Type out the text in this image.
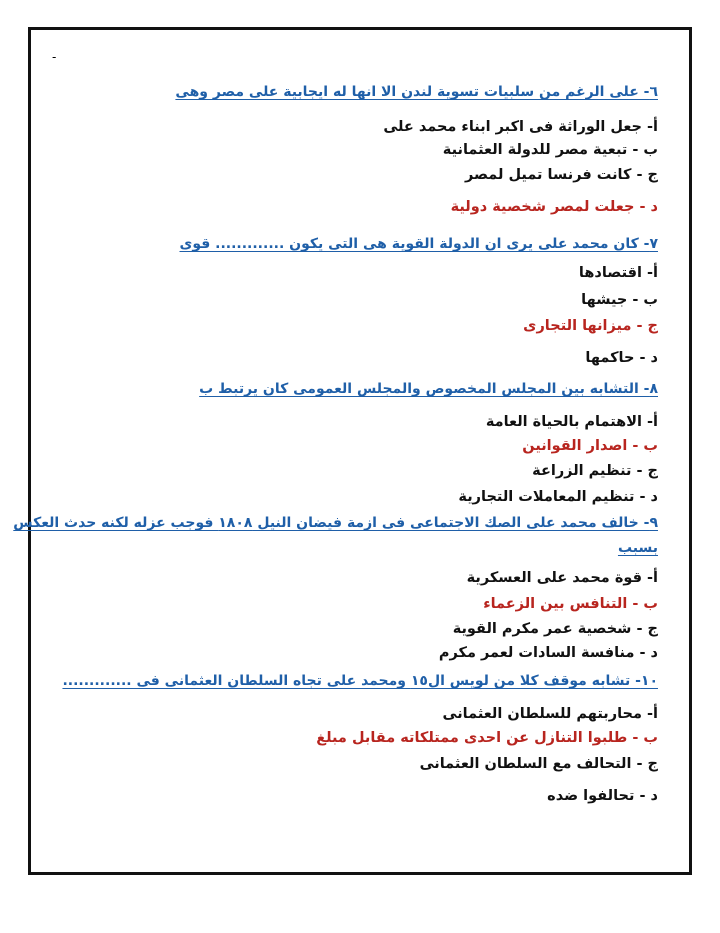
-

٦- على الرغم من سلبيات تسوية لندن الا انها له ايجابية على مصر وهى

أ- جعل الوراثة فى اكبر ابناء محمد على

ب - تبعية مصر للدولة العثمانية

ج - كانت فرنسا تميل لمصر

د - جعلت لمصر شخصية دولية

٧- كان محمد على يرى ان الدولة القوية هى التى يكون ............. قوى

أ- اقتصادها

ب - جيشها

ج - ميزانها التجارى

د - حاكمها

٨- التشابه بين المجلس المخصوص والمجلس العمومى كان يرتبط ب

أ- الاهتمام بالحياة العامة

ب - اصدار القوانين

ج - تنظيم الزراعة

د - تنظيم المعاملات التجارية

٩- خالف محمد على الصك الاجتماعى فى ازمة فيضان النيل ١٨٠٨ فوجب عزله لكنه حدث العكس

بسبب

أ- قوة محمد على العسكرية

ب - التنافس بين الزعماء

ج - شخصية عمر مكرم القوية

د - منافسة السادات لعمر مكرم

١٠- تشابه موقف كلا من لويس ال١٥ ومحمد على تجاه السلطان العثمانى فى .............

أ- محاربتهم للسلطان العثمانى

ب - طلبوا التنازل عن احدى ممتلكاته مقابل مبلغ

ج - التحالف مع السلطان العثمانى

د - تحالفوا ضده
